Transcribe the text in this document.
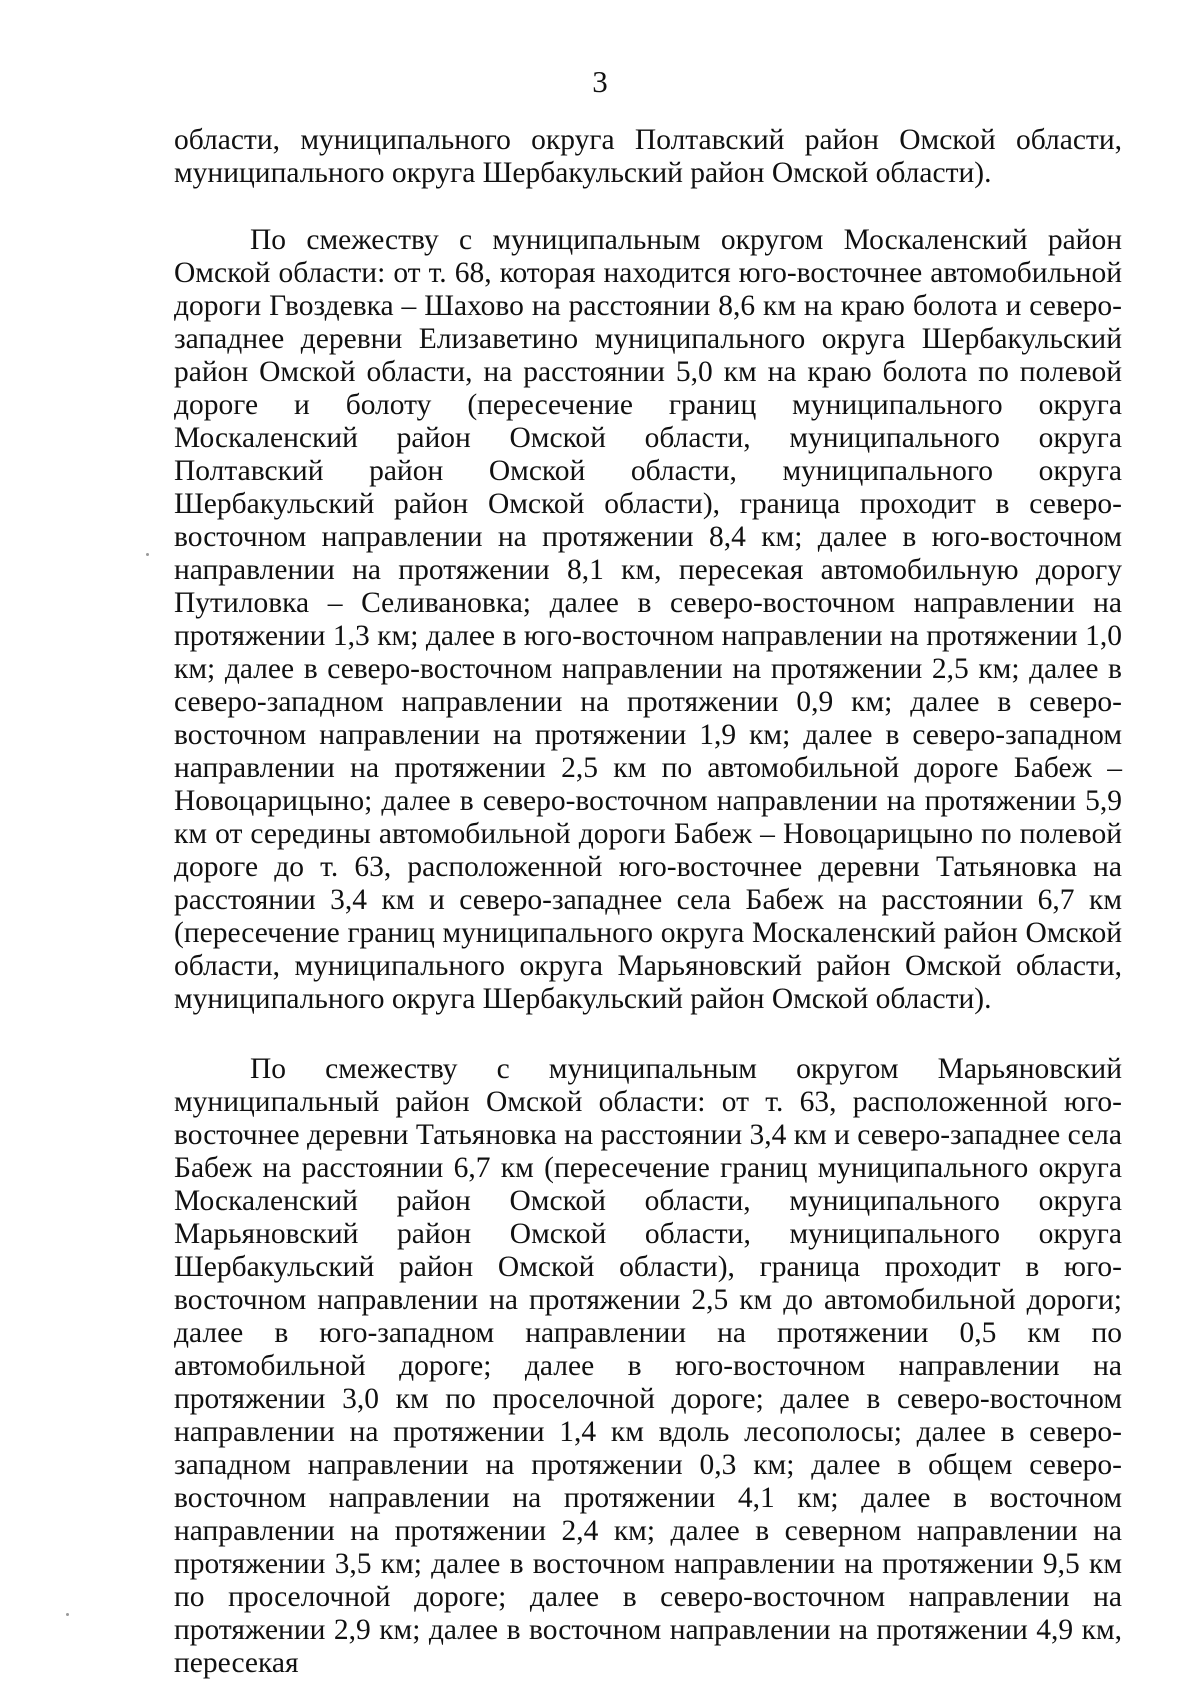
3

области, муниципального округа Полтавский район Омской области, муниципального округа Шербакульский район Омской области).

По смежеству с муниципальным округом Москаленский район Омской области: от т. 68, которая находится юго-восточнее автомобильной дороги Гвоздевка – Шахово на расстоянии 8,6 км на краю болота и северо-западнее деревни Елизаветино муниципального округа Шербакульский район Омской области, на расстоянии 5,0 км на краю болота по полевой дороге и болоту (пересечение границ муниципального округа Москаленский район Омской области, муниципального округа Полтавский район Омской области, муниципального округа Шербакульский район Омской области), граница проходит в северо-восточном направлении на протяжении 8,4 км; далее в юго-восточном направлении на протяжении 8,1 км, пересекая автомобильную дорогу Путиловка – Селивановка; далее в северо-восточном направлении на протяжении 1,3 км; далее в юго-восточном направлении на протяжении 1,0 км; далее в северо-восточном направлении на протяжении 2,5 км; далее в северо-западном направлении на протяжении 0,9 км; далее в северо-восточном направлении на протяжении 1,9 км; далее в северо-западном направлении на протяжении 2,5 км по автомобильной дороге Бабеж – Новоцарицыно; далее в северо-восточном направлении на протяжении 5,9 км от середины автомобильной дороги Бабеж – Новоцарицыно по полевой дороге до т. 63, расположенной юго-восточнее деревни Татьяновка на расстоянии 3,4 км и северо-западнее села Бабеж на расстоянии 6,7 км (пересечение границ муниципального округа Москаленский район Омской области, муниципального округа Марьяновский район Омской области, муниципального округа Шербакульский район Омской области).

По смежеству с муниципальным округом Марьяновский муниципальный район Омской области: от т. 63, расположенной юго-восточнее деревни Татьяновка на расстоянии 3,4 км и северо-западнее села Бабеж на расстоянии 6,7 км (пересечение границ муниципального округа Москаленский район Омской области, муниципального округа Марьяновский район Омской области, муниципального округа Шербакульский район Омской области), граница проходит в юго-восточном направлении на протяжении 2,5 км до автомобильной дороги; далее в юго-западном направлении на протяжении 0,5 км по автомобильной дороге; далее в юго-восточном направлении на протяжении 3,0 км по проселочной дороге; далее в северо-восточном направлении на протяжении 1,4 км вдоль лесополосы; далее в северо-западном направлении на протяжении 0,3 км; далее в общем северо-восточном направлении на протяжении 4,1 км; далее в восточном направлении на протяжении 2,4 км; далее в северном направлении на протяжении 3,5 км; далее в восточном направлении на протяжении 9,5 км по проселочной дороге; далее в северо-восточном направлении на протяжении 2,9 км; далее в восточном направлении на протяжении 4,9 км, пересекая
